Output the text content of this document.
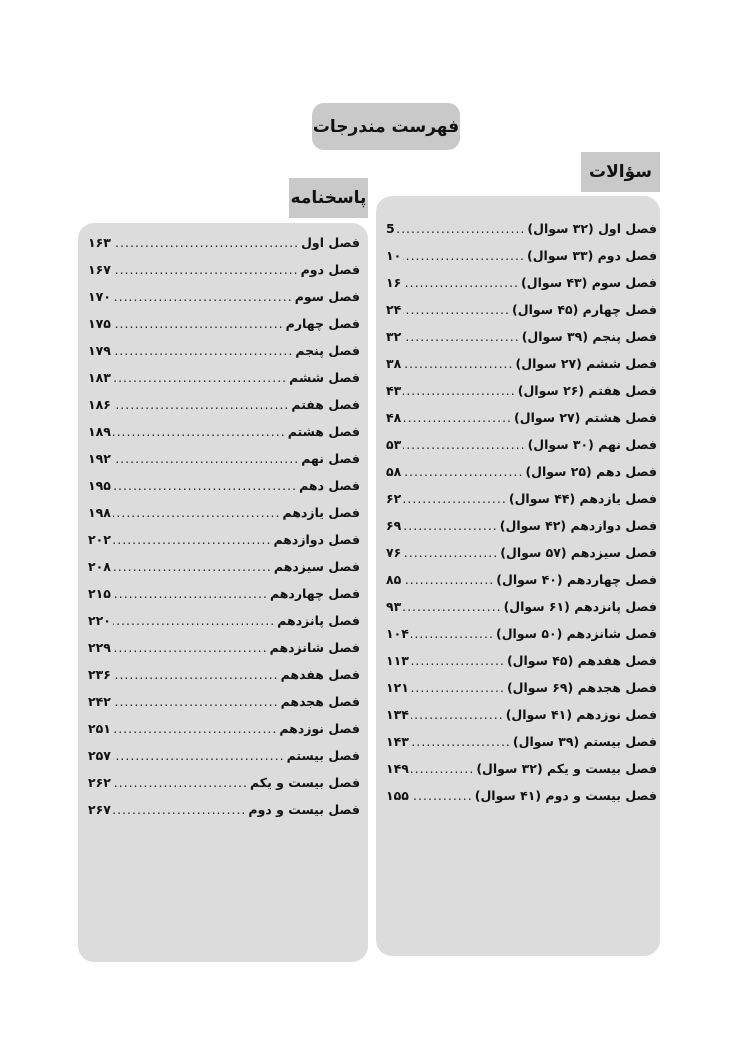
فهرست مندرجات
سؤالات
پاسخنامه
فصل اول (۳۲ سوال)
.....
5
فصل دوم (۳۳ سوال)
.....
۱۰
فصل سوم (۴۳ سوال)
.....
۱۶
فصل چهارم (۴۵ سوال)
.....
۲۴
فصل پنجم (۳۹ سوال)
.....
۳۲
فصل ششم (۲۷ سوال)
.....
۳۸
فصل هفتم (۲۶ سوال)
.....
۴۳
فصل هشتم (۲۷ سوال)
.....
۴۸
فصل نهم (۳۰ سوال)
.....
۵۳
فصل دهم (۲۵ سوال)
.....
۵۸
فصل یازدهم (۴۴ سوال)
.....
۶۲
فصل دوازدهم (۴۲ سوال)
.....
۶۹
فصل سیزدهم (۵۷ سوال)
.....
۷۶
فصل چهاردهم (۴۰ سوال)
.....
۸۵
فصل پانزدهم (۶۱ سوال)
.....
۹۳
فصل شانزدهم (۵۰ سوال)
.....
۱۰۴
فصل هفدهم (۴۵ سوال)
.....
۱۱۳
فصل هجدهم (۶۹ سوال)
.....
۱۲۱
فصل نوزدهم (۴۱ سوال)
.....
۱۳۴
فصل بیستم (۳۹ سوال)
.....
۱۴۳
فصل بیست و یکم (۳۲ سوال)
.....
۱۴۹
فصل بیست و دوم (۴۱ سوال)
.....
۱۵۵
فصل اول
.....
۱۶۳
فصل دوم
.....
۱۶۷
فصل سوم
.....
۱۷۰
فصل چهارم
.....
۱۷۵
فصل پنجم
.....
۱۷۹
فصل ششم
.....
۱۸۳
فصل هفتم
.....
۱۸۶
فصل هشتم
.....
۱۸۹
فصل نهم
.....
۱۹۲
فصل دهم
.....
۱۹۵
فصل یازدهم
.....
۱۹۸
فصل دوازدهم
.....
۲۰۲
فصل سیزدهم
.....
۲۰۸
فصل چهاردهم
.....
۲۱۵
فصل پانزدهم
.....
۲۲۰
فصل شانزدهم
.....
۲۲۹
فصل هفدهم
.....
۲۳۶
فصل هجدهم
.....
۲۴۲
فصل نوزدهم
.....
۲۵۱
فصل بیستم
.....
۲۵۷
فصل بیست و یکم
.....
۲۶۲
فصل بیست و دوم
.....
۲۶۷
